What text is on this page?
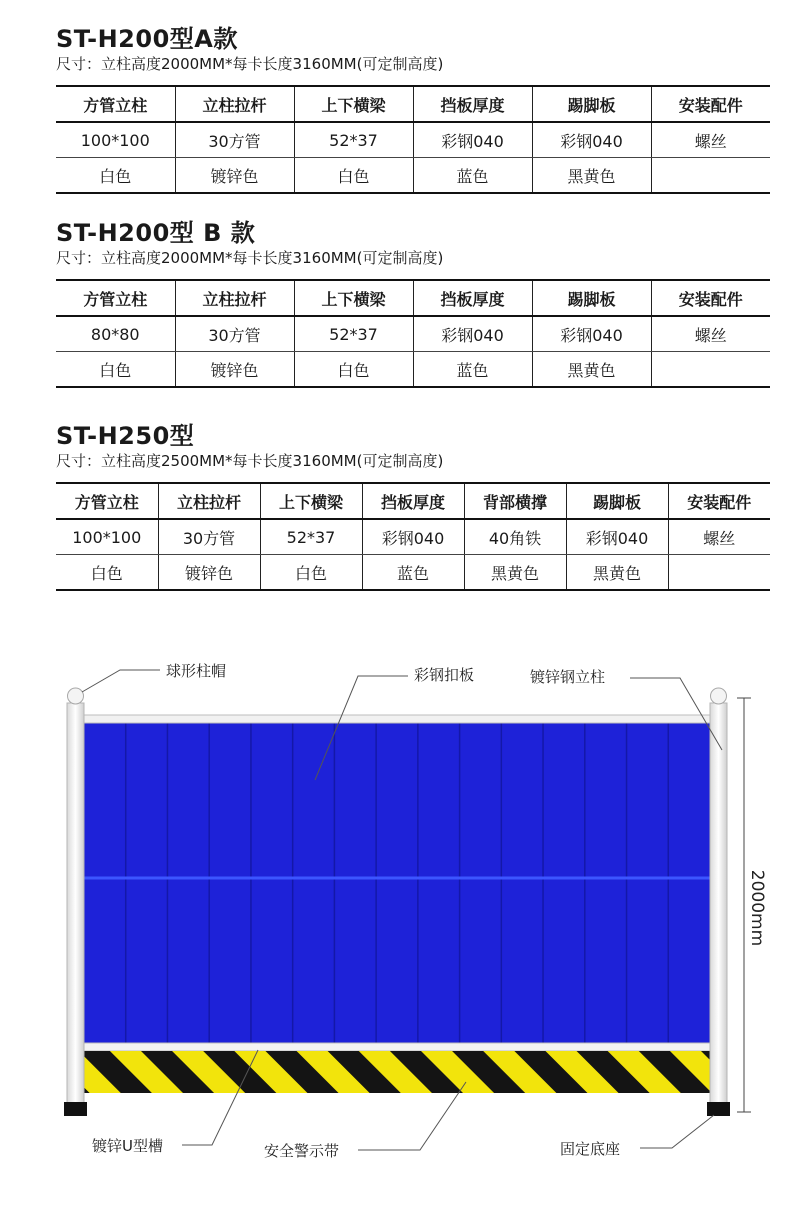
ST-H200型A款
尺寸：立柱高度2000MM*每卡长度3160MM(可定制高度)
方管立柱	立柱拉杆	上下横梁	挡板厚度	踢脚板	安装配件
100*100	30方管	52*37	彩钢040	彩钢040	螺丝
白色	镀锌色	白色	蓝色	黑黄色	
ST-H200型 B 款
尺寸：立柱高度2000MM*每卡长度3160MM(可定制高度)
方管立柱	立柱拉杆	上下横梁	挡板厚度	踢脚板	安装配件
80*80	30方管	52*37	彩钢040	彩钢040	螺丝
白色	镀锌色	白色	蓝色	黑黄色	
ST-H250型
尺寸：立柱高度2500MM*每卡长度3160MM(可定制高度)
方管立柱	立柱拉杆	上下横梁	挡板厚度	背部横撑	踢脚板	安装配件
100*100	30方管	52*37	彩钢040	40角铁	彩钢040	螺丝
白色	镀锌色	白色	蓝色	黑黄色	黑黄色	
2000mm
球形柱帽	彩钢扣板	镀锌钢立柱
镀锌U型槽	安全警示带	固定底座
